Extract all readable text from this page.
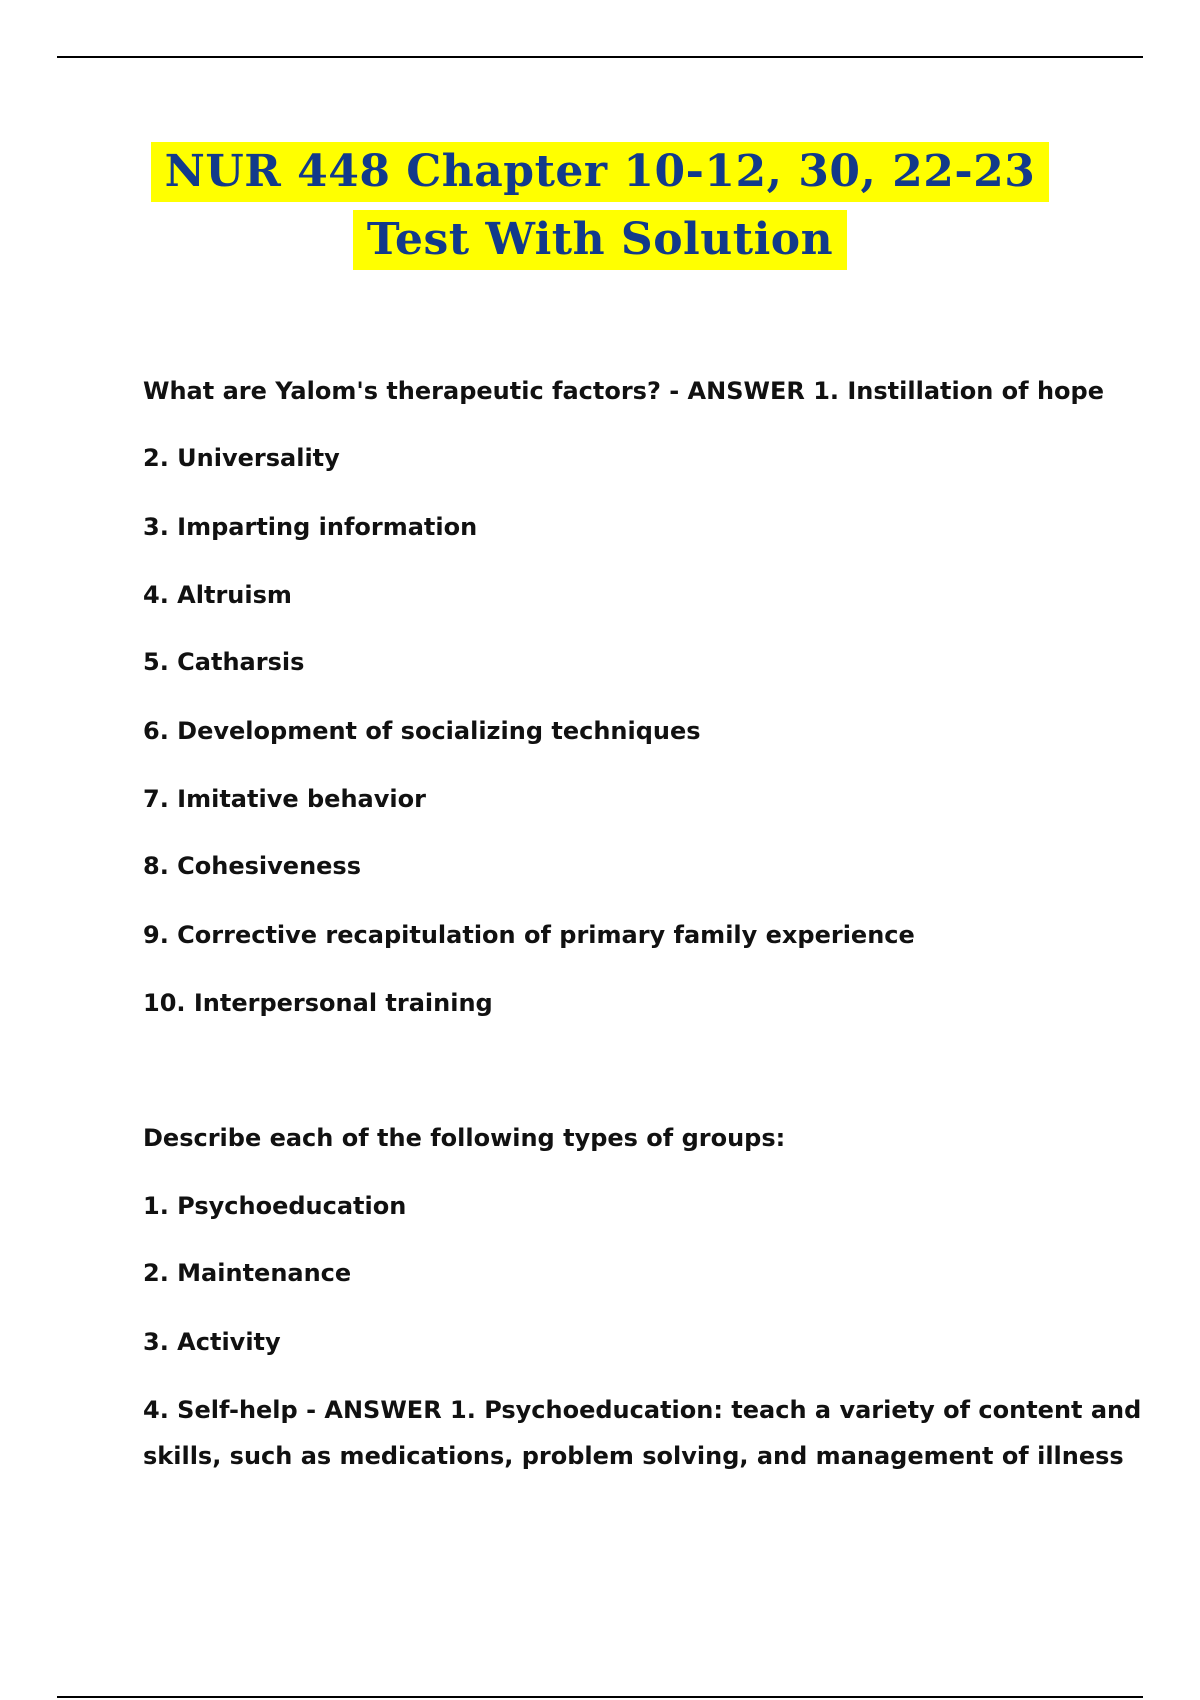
NUR 448 Chapter 10-12, 30, 22-23
Test With Solution
What are Yalom's therapeutic factors? - ANSWER 1. Instillation of hope
2. Universality
3. Imparting information
4. Altruism
5. Catharsis
6. Development of socializing techniques
7. Imitative behavior
8. Cohesiveness
9. Corrective recapitulation of primary family experience
10. Interpersonal training
Describe each of the following types of groups:
1. Psychoeducation
2. Maintenance
3. Activity
4. Self-help - ANSWER 1. Psychoeducation: teach a variety of content and
skills, such as medications, problem solving, and management of illness
